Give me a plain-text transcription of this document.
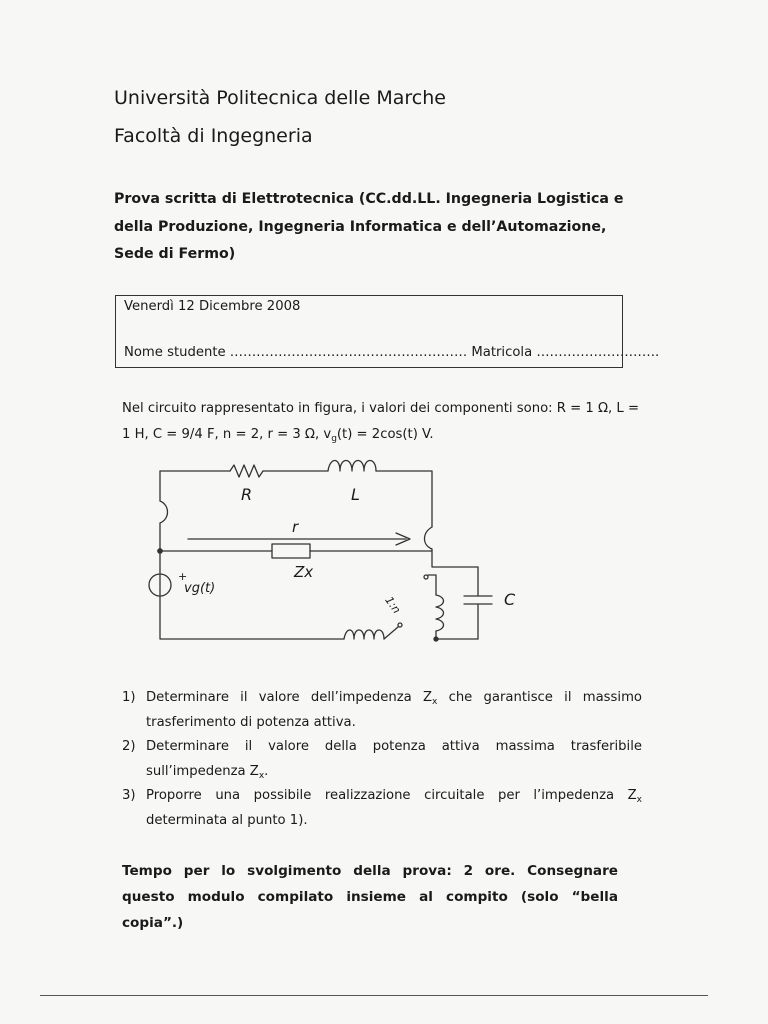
Università Politecnica delle Marche
Facoltà di Ingegneria
Prova scritta di Elettrotecnica (CC.dd.LL. Ingegneria Logistica e della Produzione, Ingegneria Informatica e dell’Automazione, Sede di Fermo)
Venerdì 12 Dicembre 2008
Nome studente ……………………………………………… Matricola ……………………….
Nel circuito rappresentato in figura, i valori dei componenti sono: R = 1 Ω, L = 1 H, C = 9/4 F, n = 2, r = 3 Ω, $v_g(t) = 2\cos(t)$ V.
R	L
r
Zx
+
vg(t)
1:n	C
1) Determinare il valore dell’impedenza $Z_x$ che garantisce il massimo trasferimento di potenza attiva.
2) Determinare il valore della potenza attiva massima trasferibile sull’impedenza $Z_x$.
3) Proporre una possibile realizzazione circuitale per l’impedenza $Z_x$ determinata al punto 1).
Tempo per lo svolgimento della prova: 2 ore. Consegnare questo modulo compilato insieme al compito (solo “bella copia”.)
